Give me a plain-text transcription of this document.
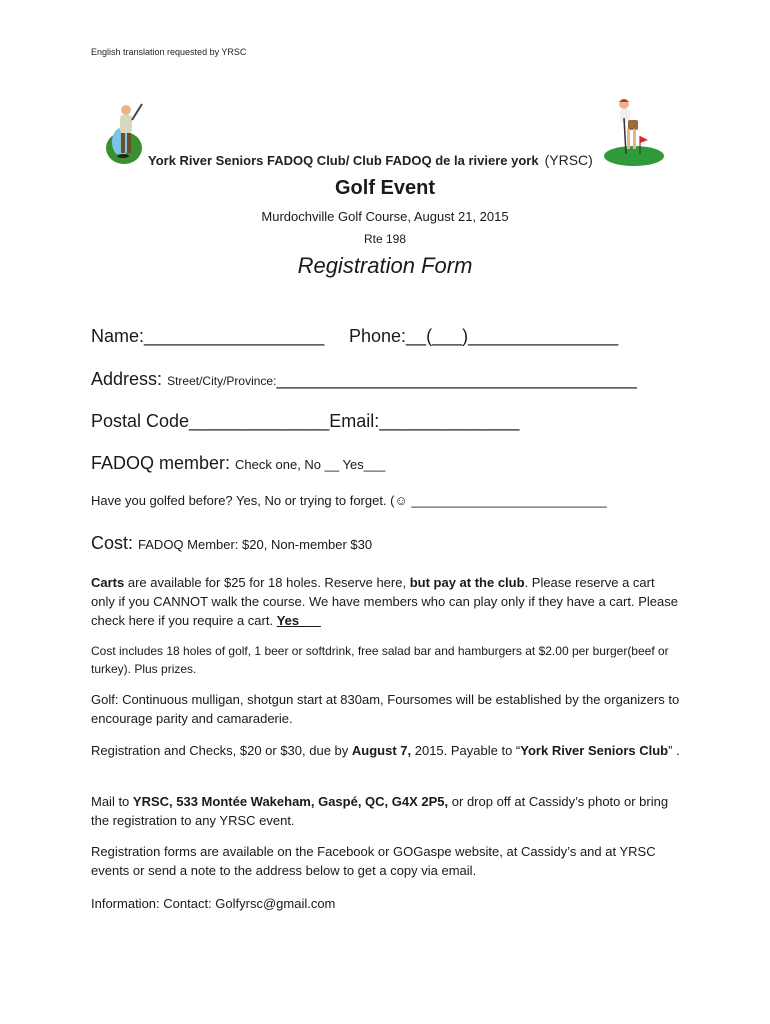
English translation requested by YRSC
York River Seniors FADOQ Club/ Club FADOQ de la riviere york (YRSC)
Golf Event
Murdochville Golf Course, August 21, 2015
Rte 198
Registration Form
Name:__________________ Phone:__(___)_______________
Address: Street/City/Province:____________________________________
Postal Code______________Email:______________
FADOQ member: Check one, No __ Yes___
Have you golfed before? Yes, No or trying to forget. (☺ ___________________________
Cost: FADOQ Member: $20, Non-member $30
Carts are available for $25 for 18 holes. Reserve here, but pay at the club. Please reserve a cart only if you CANNOT walk the course. We have members who can play only if they have a cart. Please check here if you require a cart. Yes___
Cost includes 18 holes of golf, 1 beer or softdrink, free salad bar and hamburgers at $2.00 per burger(beef or turkey). Plus prizes.
Golf: Continuous mulligan, shotgun start at 830am, Foursomes will be established by the organizers to encourage parity and camaraderie.
Registration and Checks, $20 or $30, due by August 7, 2015. Payable to “York River Seniors Club” .
Mail to YRSC, 533 Montée Wakeham, Gaspé, QC, G4X 2P5, or drop off at Cassidy’s photo or bring the registration to any YRSC event.
Registration forms are available on the Facebook or GOGaspe website, at Cassidy’s and at YRSC events or send a note to the address below to get a copy via email.
Information: Contact: Golfyrsc@gmail.com
